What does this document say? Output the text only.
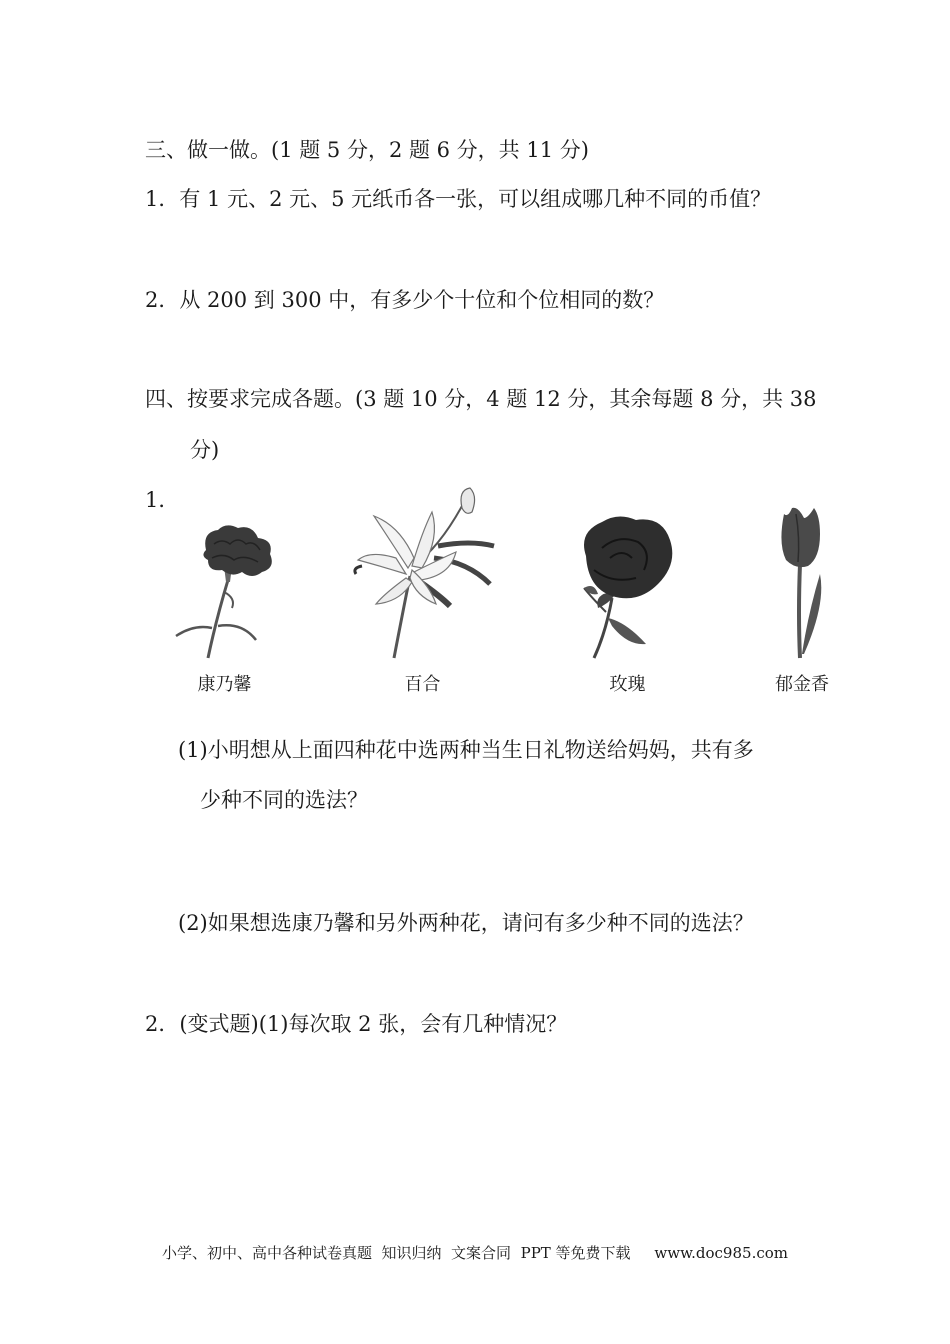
三、做一做。(1 题 5 分，2 题 6 分，共 11 分)
1．有 1 元、2 元、5 元纸币各一张，可以组成哪几种不同的币值？
2．从 200 到 300 中，有多少个十位和个位相同的数？
四、按要求完成各题。(3 题 10 分，4 题 12 分，其余每题 8 分，共 38
分)
1．
康乃馨	百合	玫瑰	郁金香
(1)小明想从上面四种花中选两种当生日礼物送给妈妈，共有多
少种不同的选法？
(2)如果想选康乃馨和另外两种花，请问有多少种不同的选法？
2．(变式题)(1)每次取 2 张，会有几种情况？
小学、初中、高中各种试卷真题  知识归纳  文案合同  PPT 等免费下载     www.doc985.com
